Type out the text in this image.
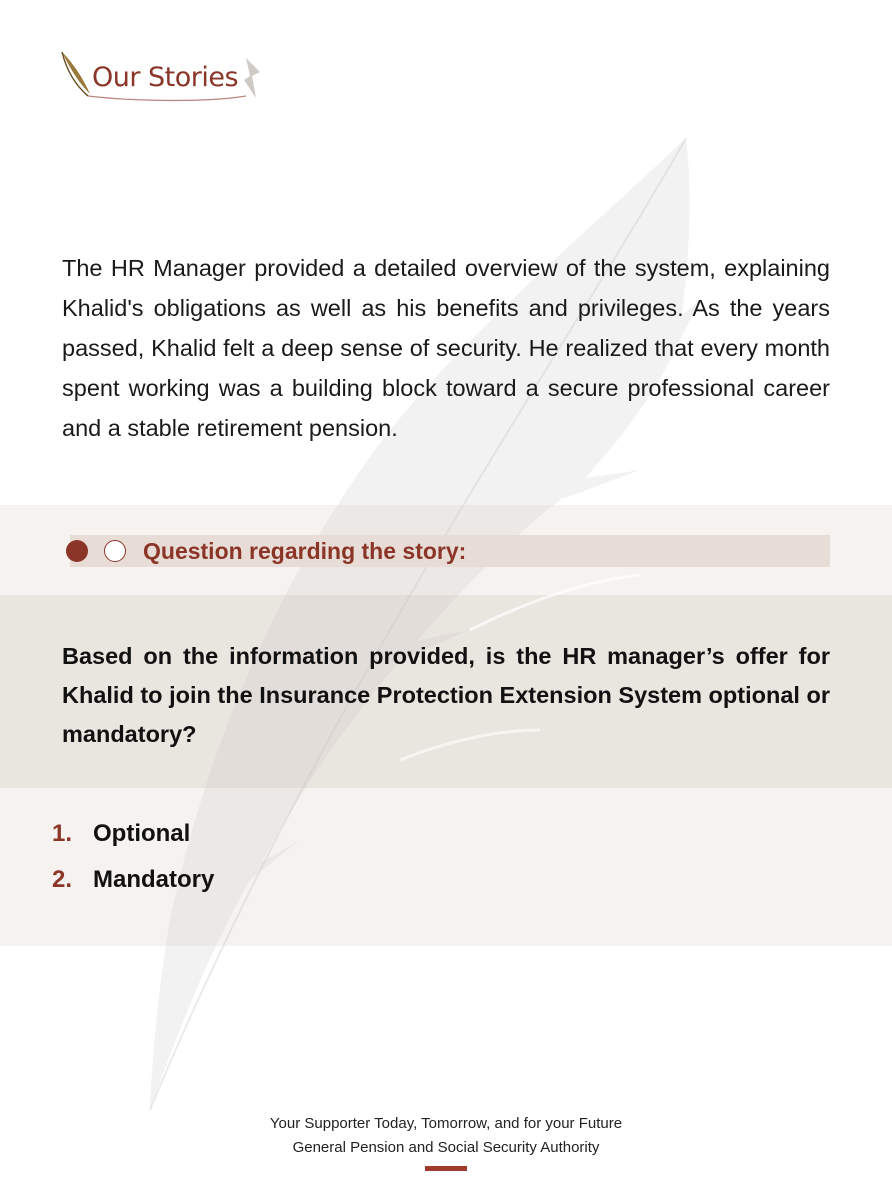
Our Stories

The HR Manager provided a detailed overview of the system, explaining Khalid's obligations as well as his benefits and privileges. As the years passed, Khalid felt a deep sense of security. He realized that every month spent working was a building block toward a secure professional career and a stable retirement pension.

Question regarding the story:

Based on the information provided, is the HR manager’s offer for Khalid to join the Insurance Protection Extension System optional or mandatory?

1. Optional
2. Mandatory
Your Supporter Today, Tomorrow, and for your Future
General Pension and Social Security Authority
